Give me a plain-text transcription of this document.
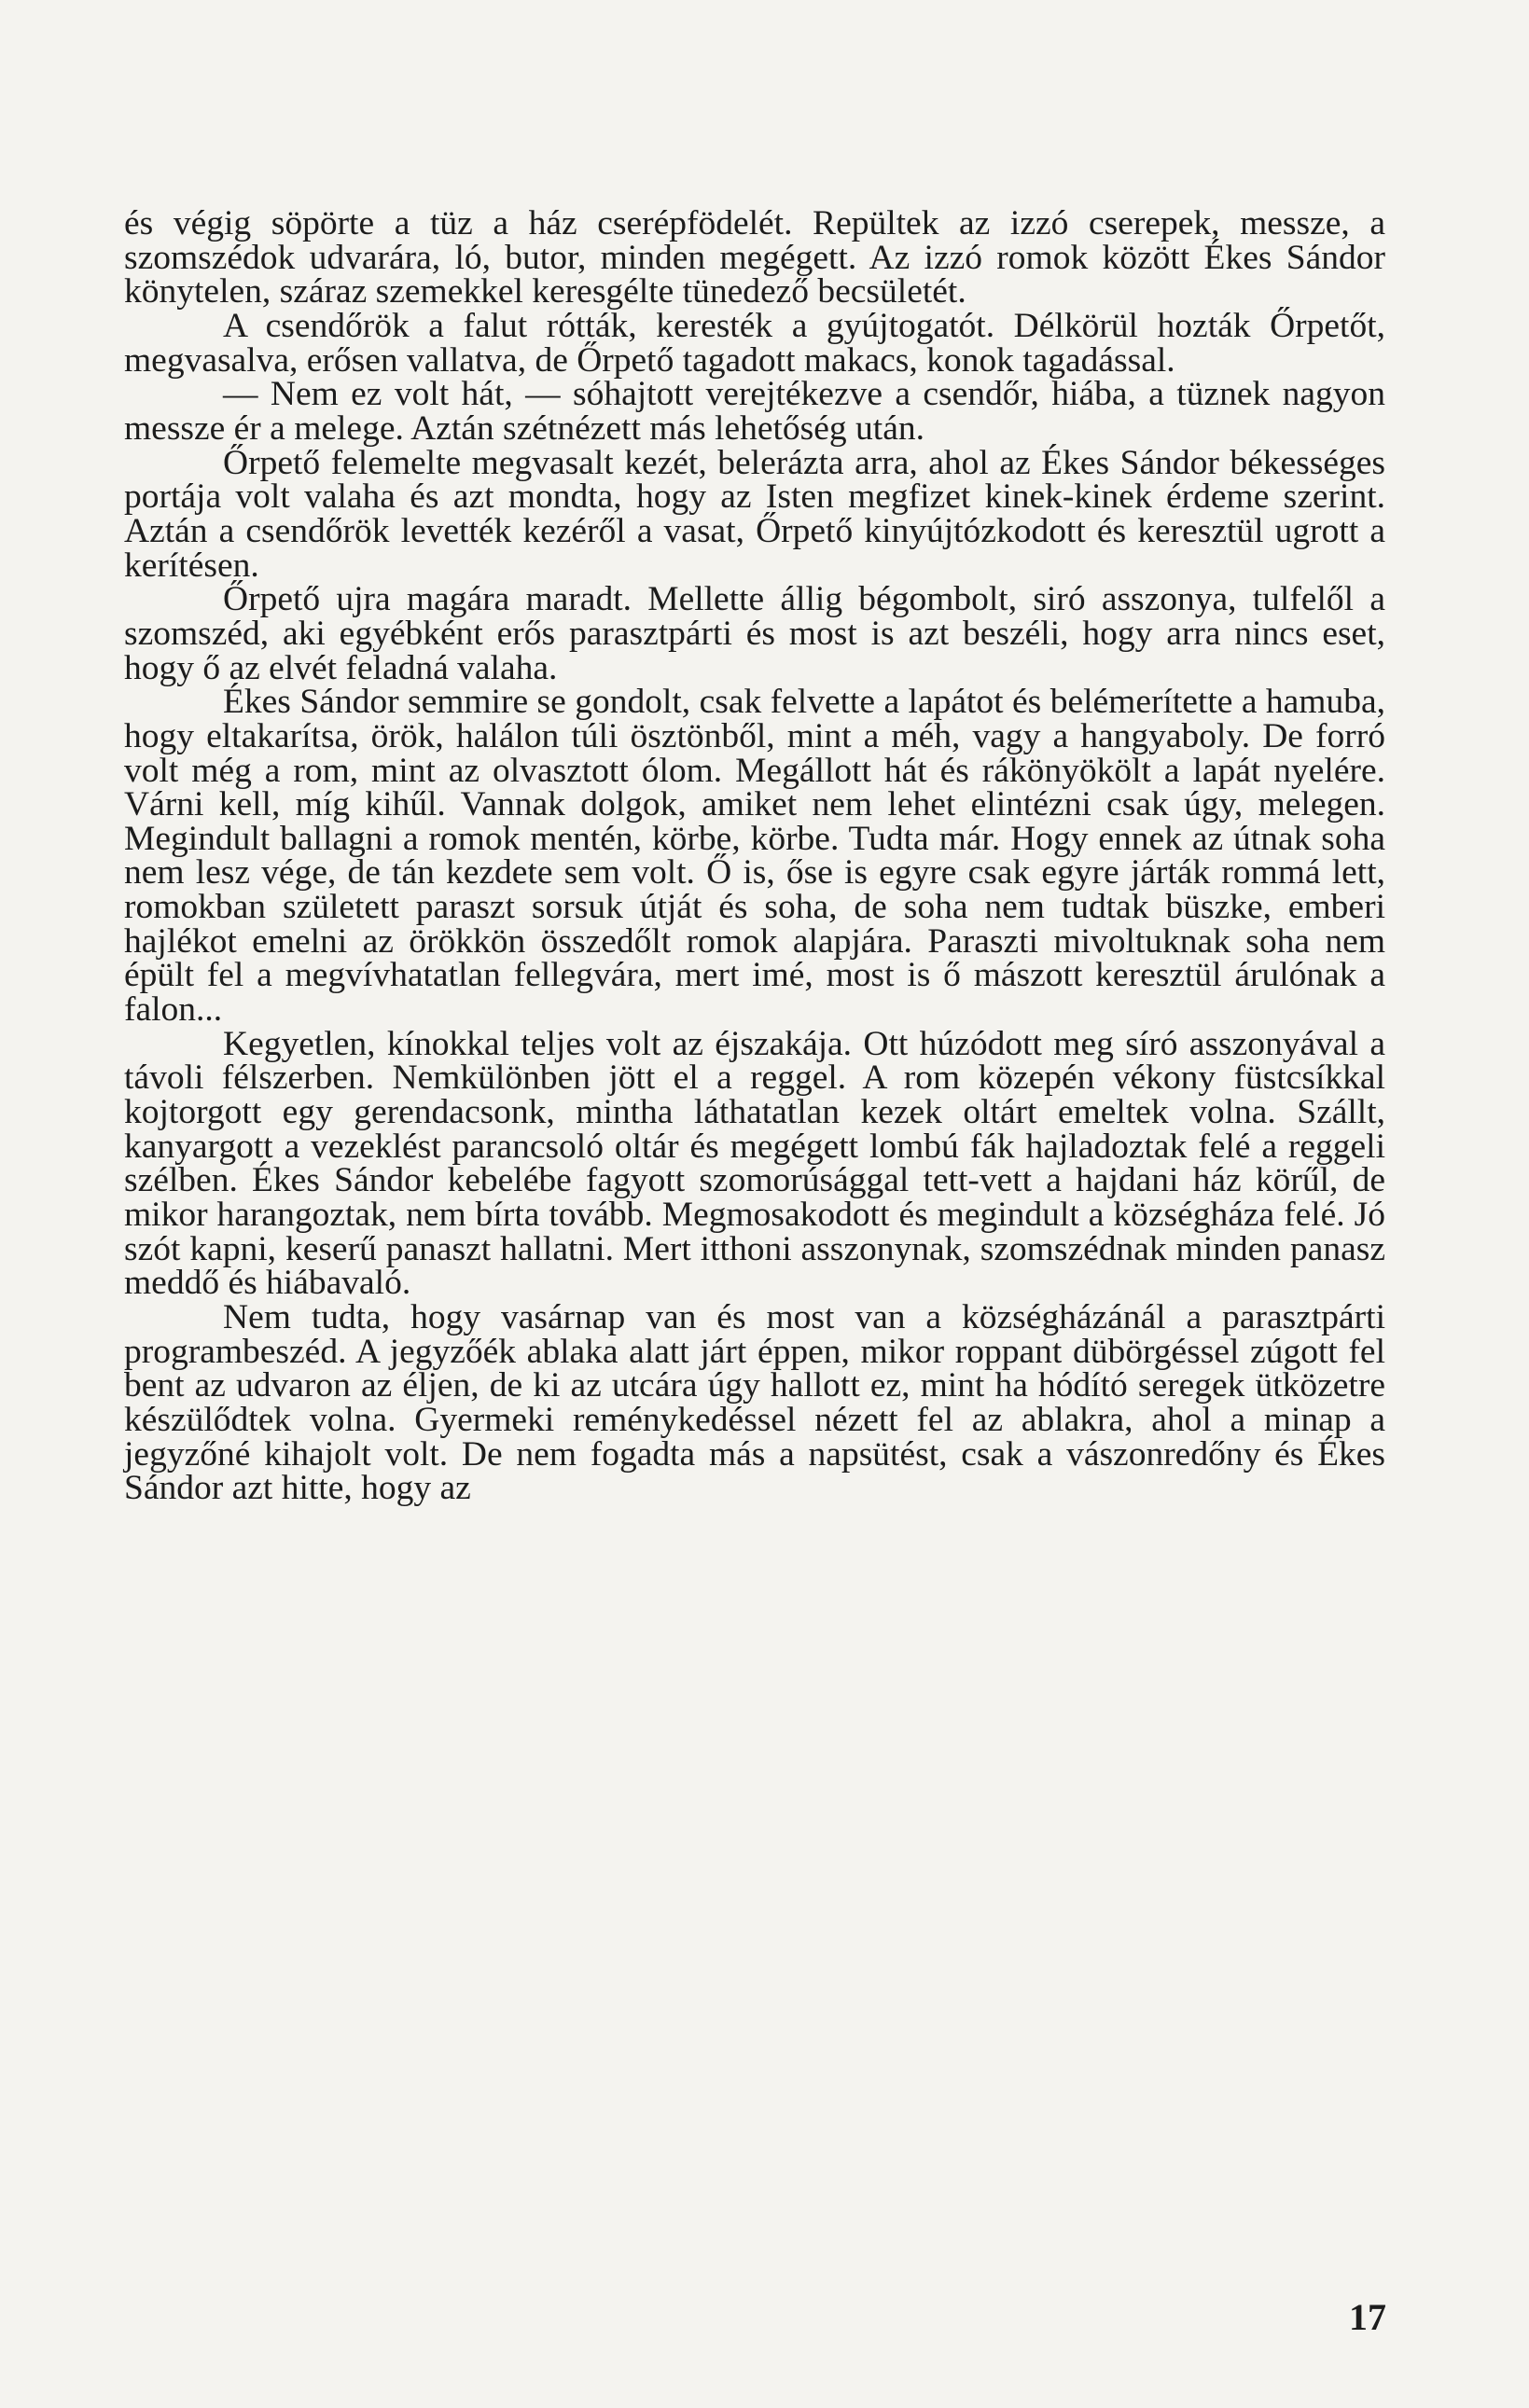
és végig söpörte a tüz a ház cserépfödelét. Repültek az izzó cserepek, messze, a szomszédok udvarára, ló, butor, minden megégett. Az izzó romok között Ékes Sándor könytelen, száraz szemekkel keresgélte tünedező becsületét.

A csendőrök a falut rótták, keresték a gyújtogatót. Délkörül hozták Őrpetőt, megvasalva, erősen vallatva, de Őrpető tagadott makacs, konok tagadással.

— Nem ez volt hát, — sóhajtott verejtékezve a csendőr, hiába, a tüznek nagyon messze ér a melege. Aztán szétnézett más lehetőség után.

Őrpető felemelte megvasalt kezét, belerázta arra, ahol az Ékes Sándor békességes portája volt valaha és azt mondta, hogy az Isten megfizet kinek-kinek érdeme szerint. Aztán a csendőrök levették kezéről a vasat, Őrpető kinyújtózkodott és keresztül ugrott a kerítésen.

Őrpető ujra magára maradt. Mellette állig bégombolt, siró asszonya, tulfelől a szomszéd, aki egyébként erős parasztpárti és most is azt beszéli, hogy arra nincs eset, hogy ő az elvét feladná valaha.

Ékes Sándor semmire se gondolt, csak felvette a lapátot és belémerítette a hamuba, hogy eltakarítsa, örök, halálon túli ösztönből, mint a méh, vagy a hangyaboly. De forró volt még a rom, mint az olvasztott ólom. Megállott hát és rákönyökölt a lapát nyelére. Várni kell, míg kihűl. Vannak dolgok, amiket nem lehet elintézni csak úgy, melegen. Megindult ballagni a romok mentén, körbe, körbe. Tudta már. Hogy ennek az útnak soha nem lesz vége, de tán kezdete sem volt. Ő is, őse is egyre csak egyre járták rommá lett, romokban született paraszt sorsuk útját és soha, de soha nem tudtak büszke, emberi hajlékot emelni az örökkön összedőlt romok alapjára. Paraszti mivoltuknak soha nem épült fel a megvívhatatlan fellegvára, mert imé, most is ő mászott keresztül árulónak a falon...

Kegyetlen, kínokkal teljes volt az éjszakája. Ott húzódott meg síró asszonyával a távoli félszerben. Nemkülönben jött el a reggel. A rom közepén vékony füstcsíkkal kojtorgott egy gerendacsonk, mintha láthatatlan kezek oltárt emeltek volna. Szállt, kanyargott a vezeklést parancsoló oltár és megégett lombú fák hajladoztak felé a reggeli szélben. Ékes Sándor kebelébe fagyott szomorúsággal tett-vett a hajdani ház körűl, de mikor harangoztak, nem bírta tovább. Megmosakodott és megindult a községháza felé. Jó szót kapni, keserű panaszt hallatni. Mert itthoni asszonynak, szomszédnak minden panasz meddő és hiábavaló.

Nem tudta, hogy vasárnap van és most van a községházánál a parasztpárti programbeszéd. A jegyzőék ablaka alatt járt éppen, mikor roppant dübörgéssel zúgott fel bent az udvaron az éljen, de ki az utcára úgy hallott ez, mint ha hódító seregek ütközetre készülődtek volna. Gyermeki reménykedéssel nézett fel az ablakra, ahol a minap a jegyzőné kihajolt volt. De nem fogadta más a napsütést, csak a vászonredőny és Ékes Sándor azt hitte, hogy az

17
